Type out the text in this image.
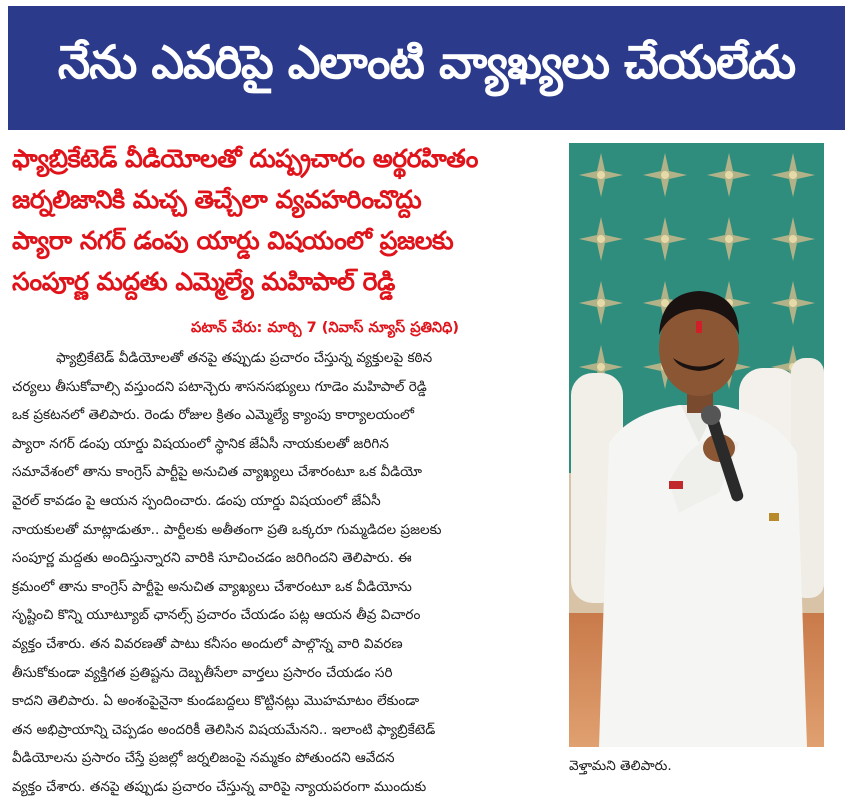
నేను ఎవరిపై ఎలాంటి వ్యాఖ్యలు చేయలేదు
ఫ్యాబ్రికేటెడ్ వీడియోలతో దుష్ప్రచారం అర్థరహితం
జర్నలిజానికి మచ్చ తెచ్చేలా వ్యవహరించొద్దు
ప్యారా నగర్ డంపు యార్డు విషయంలో ప్రజలకు
సంపూర్ణ మద్దతు ఎమ్మెల్యే మహిపాల్ రెడ్డి
పటాన్ చేరు: మార్చి 7 (నివాస్ న్యూస్ ప్రతినిధి)
ఫ్యాబ్రికేటెడ్ వీడియోలతో తనపై తప్పుడు ప్రచారం చేస్తున్న వ్యక్తులపై కఠిన
చర్యలు తీసుకోవాల్సి వస్తుందని పటాన్చెరు శాసనసభ్యులు గూడెం మహిపాల్ రెడ్డి
ఒక ప్రకటనలో తెలిపారు. రెండు రోజుల క్రితం ఎమ్మెల్యే క్యాంపు కార్యాలయంలో
ప్యారా నగర్ డంపు యార్డు విషయంలో స్థానిక జేఏసీ నాయకులతో జరిగిన
సమావేశంలో తాను కాంగ్రెస్ పార్టీపై అనుచిత వ్యాఖ్యలు చేశారంటూ ఒక వీడియో
వైరల్ కావడం పై ఆయన స్పందించారు. డంపు యార్డు విషయంలో జేఏసీ
నాయకులతో మాట్లాడుతూ.. పార్టీలకు అతీతంగా ప్రతి ఒక్కరూ గుమ్మడిదల ప్రజలకు
సంపూర్ణ మద్దతు అందిస్తున్నారని వారికి సూచించడం జరిగిందని తెలిపారు. ఈ
క్రమంలో తాను కాంగ్రెస్ పార్టీపై అనుచిత వ్యాఖ్యలు చేశారంటూ ఒక వీడియోను
సృష్టించి కొన్ని యూట్యూబ్ ఛానల్స్ ప్రచారం చేయడం పట్ల ఆయన తీవ్ర విచారం
వ్యక్తం చేశారు. తన వివరణతో పాటు కనీసం అందులో పాల్గొన్న వారి వివరణ
తీసుకోకుండా వ్యక్తిగత ప్రతిష్టను దెబ్బతీసేలా వార్తలు ప్రసారం చేయడం సరి
కాదని తెలిపారు. ఏ అంశంపైనైనా కుండబద్దలు కొట్టినట్లు మొహమాటం లేకుండా
తన అభిప్రాయాన్ని చెప్పడం అందరికీ తెలిసిన విషయమేనని.. ఇలాంటి ఫ్యాబ్రికేటెడ్
వీడియోలను ప్రసారం చేస్తే ప్రజల్లో జర్నలిజంపై నమ్మకం పోతుందని ఆవేదన
వ్యక్తం చేశారు. తనపై తప్పుడు ప్రచారం చేస్తున్న వారిపై న్యాయపరంగా ముందుకు
వెళ్తామని తెలిపారు.
